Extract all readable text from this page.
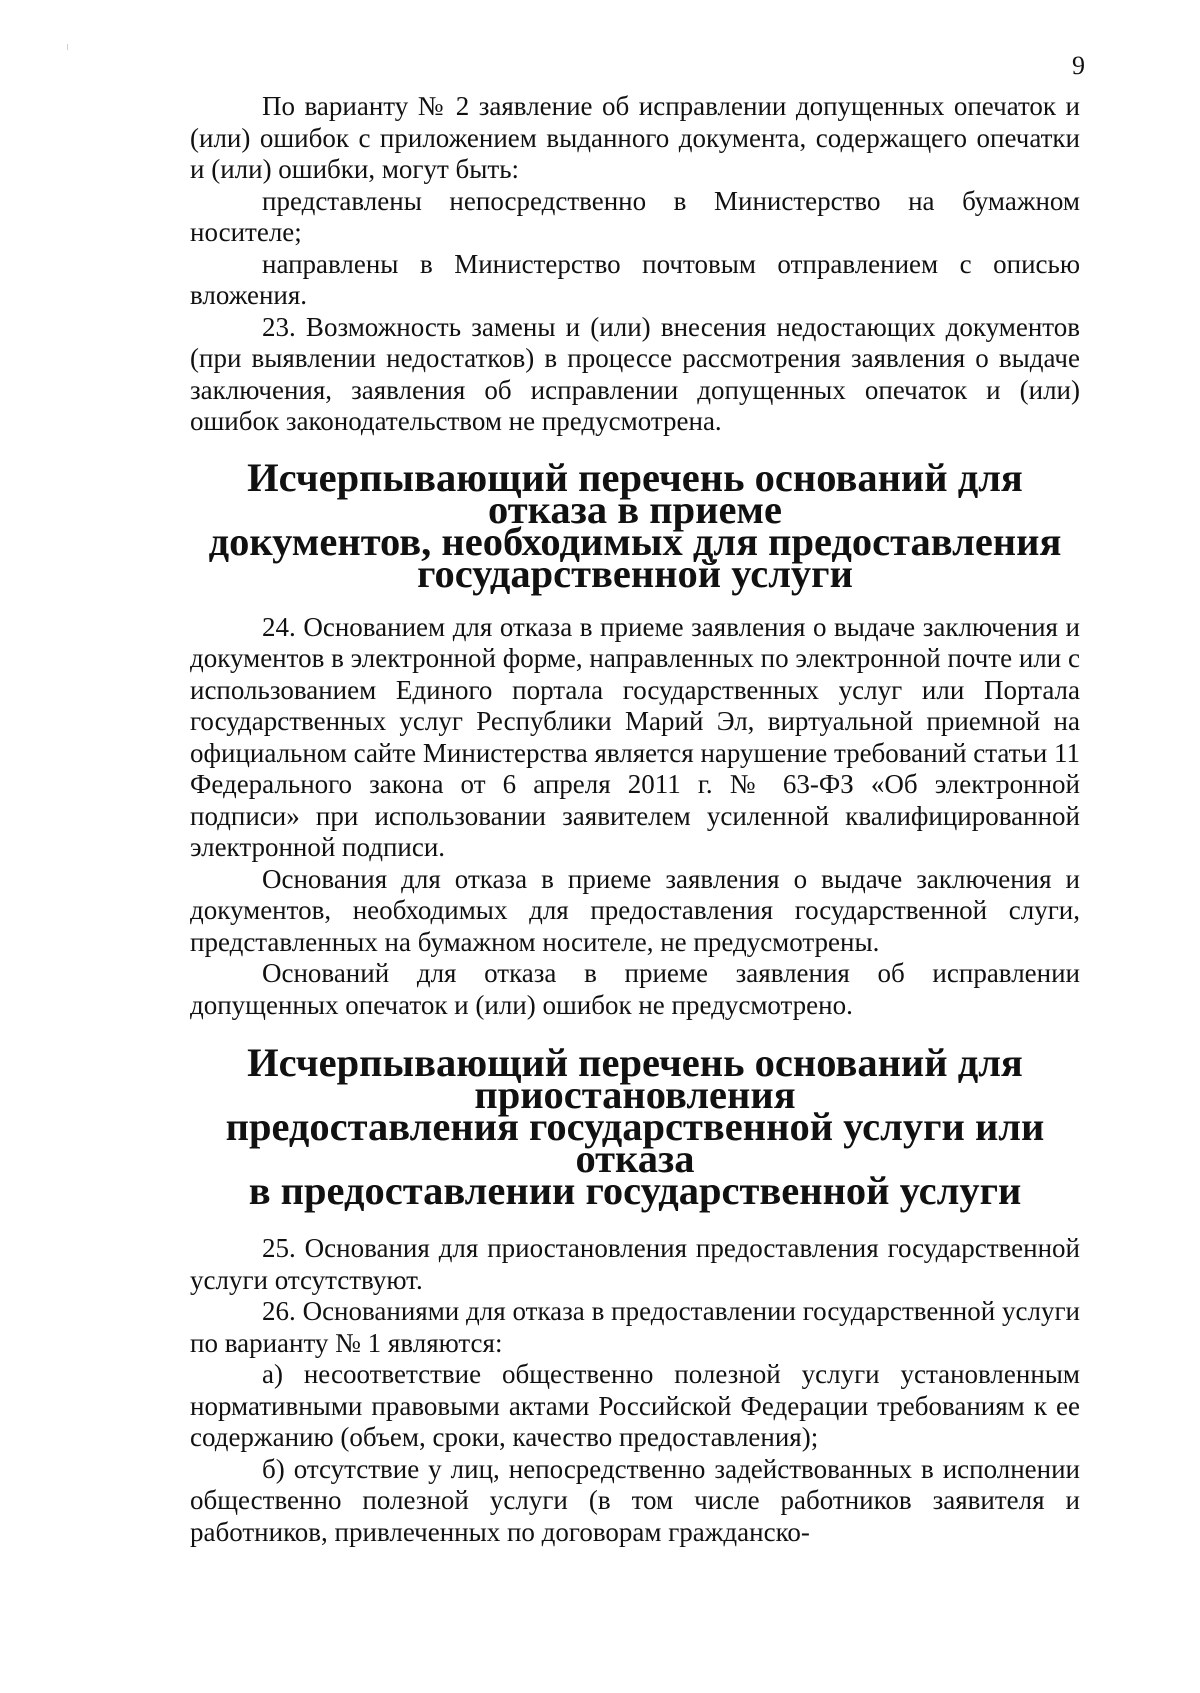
9

По варианту № 2 заявление об исправлении допущенных опечаток и (или) ошибок с приложением выданного документа, содержащего опечатки и (или) ошибки, могут быть:

представлены непосредственно в Министерство на бумажном носителе;

направлены в Министерство почтовым отправлением с описью вложения.

23. Возможность замены и (или) внесения недостающих документов (при выявлении недостатков) в процессе рассмотрения заявления о выдаче заключения, заявления об исправлении допущенных опечаток и (или) ошибок законодательством не предусмотрена.

Исчерпывающий перечень оснований для отказа в приеме
документов, необходимых для предоставления
государственной услуги

24. Основанием для отказа в приеме заявления о выдаче заключения и документов в электронной форме, направленных по электронной почте или с использованием Единого портала государственных услуг или Портала государственных услуг Республики Марий Эл, виртуальной приемной на официальном сайте Министерства является нарушение требований статьи 11 Федерального закона от 6 апреля 2011 г. № 63-ФЗ «Об электронной подписи» при использовании заявителем усиленной квалифицированной электронной подписи.

Основания для отказа в приеме заявления о выдаче заключения и документов, необходимых для предоставления государственной слуги, представленных на бумажном носителе, не предусмотрены.

Оснований для отказа в приеме заявления об исправлении допущенных опечаток и (или) ошибок не предусмотрено.

Исчерпывающий перечень оснований для приостановления
предоставления государственной услуги или отказа
в предоставлении государственной услуги

25. Основания для приостановления предоставления государственной услуги отсутствуют.

26. Основаниями для отказа в предоставлении государственной услуги по варианту № 1 являются:

а) несоответствие общественно полезной услуги установленным нормативными правовыми актами Российской Федерации требованиям к ее содержанию (объем, сроки, качество предоставления);

б) отсутствие у лиц, непосредственно задействованных в исполнении общественно полезной услуги (в том числе работников заявителя и работников, привлеченных по договорам гражданско-
